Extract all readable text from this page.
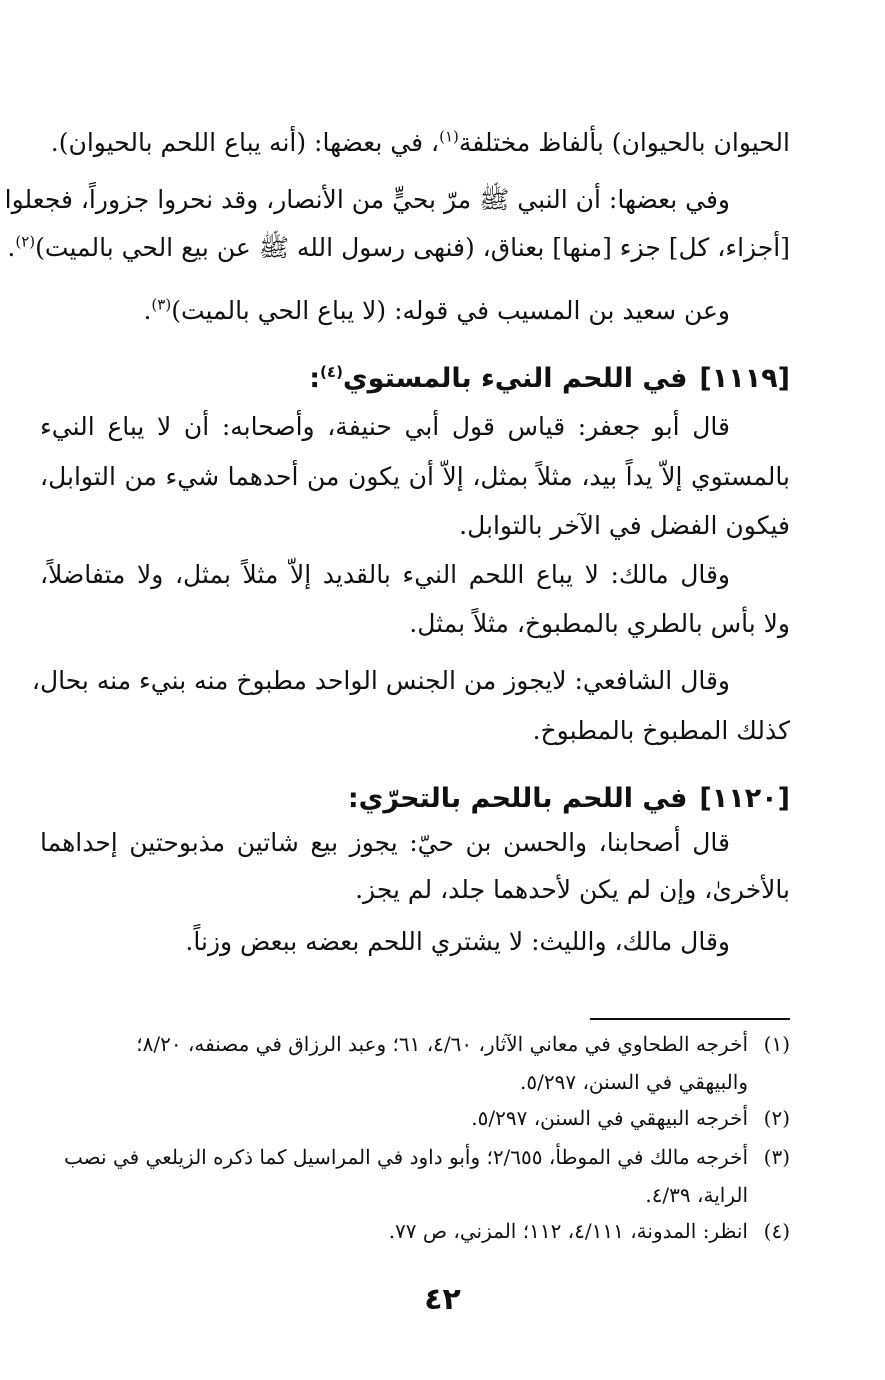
الحيوان بالحيوان) بألفاظ مختلفة$^{(١)}$، في بعضها: (أنه يباع اللحم بالحيوان).
وفي بعضها: أن النبي ﷺ مرّ بحيٍّ من الأنصار، وقد نحروا جزوراً، فجعلوا
[أجزاء، كل] جزء [منها] بعناق، (فنهى رسول الله ﷺ عن بيع الحي بالميت)$^{(٢)}$.
وعن سعيد بن المسيب في قوله: (لا يباع الحي بالميت)$^{(٣)}$.
[١١١٩]في اللحم النيء بالمستوي$^{(٤)}$:
قال أبو جعفر: قياس قول أبي حنيفة، وأصحابه: أن لا يباع النيء
بالمستوي إلاّ يداً بيد، مثلاً بمثل، إلاّ أن يكون من أحدهما شيء من التوابل،
فيكون الفضل في الآخر بالتوابل.
وقال مالك: لا يباع اللحم النيء بالقديد إلاّ مثلاً بمثل، ولا متفاضلاً،
ولا بأس بالطري بالمطبوخ، مثلاً بمثل.
وقال الشافعي: لايجوز من الجنس الواحد مطبوخ منه بنيء منه بحال،
كذلك المطبوخ بالمطبوخ.
[١١٢٠]في اللحم باللحم بالتحرّي:
قال أصحابنا، والحسن بن حيّ: يجوز بيع شاتين مذبوحتين إحداهما
بالأخرىٰ، وإن لم يكن لأحدهما جلد، لم يجز.
وقال مالك، والليث: لا يشتري اللحم بعضه ببعض وزناً.
(١)أخرجه الطحاوي في معاني الآثار، ٤/٦٠، ٦١؛ وعبد الرزاق في مصنفه، ٨/٢٠؛
والبيهقي في السنن، ٥/٢٩٧.
(٢)أخرجه البيهقي في السنن، ٥/٢٩٧.
(٣)أخرجه مالك في الموطأ، ٢/٦٥٥؛ وأبو داود في المراسيل كما ذكره الزيلعي في نصب
الراية، ٤/٣٩.
(٤)انظر: المدونة، ٤/١١١، ١١٢؛ المزني، ص ٧٧.
٤٢
